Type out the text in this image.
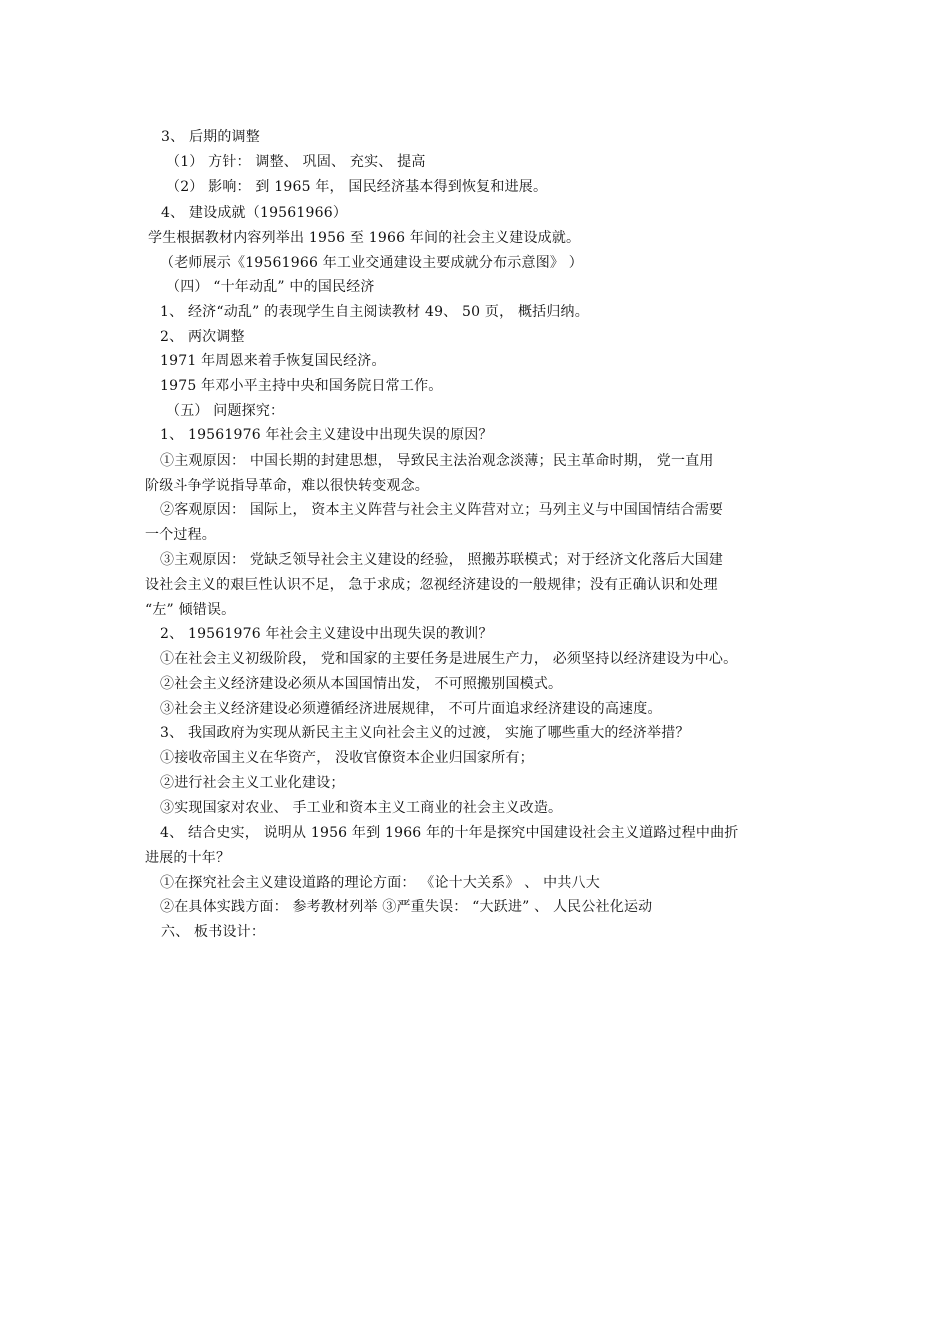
3、 后期的调整
（1） 方针： 调整、 巩固、 充实、 提高
（2） 影响： 到 1965 年， 国民经济基本得到恢复和进展。
4、 建设成就（19561966）
学生根据教材内容列举出 1956 至 1966 年间的社会主义建设成就。
（老师展示《19561966 年工业交通建设主要成就分布示意图》 ）
（四） “十年动乱” 中的国民经济
1、 经济“动乱” 的表现学生自主阅读教材 49、 50 页， 概括归纳。
2、 两次调整
1971 年周恩来着手恢复国民经济。
1975 年邓小平主持中央和国务院日常工作。
（五） 问题探究：
1、 19561976 年社会主义建设中出现失误的原因？
①主观原因： 中国长期的封建思想， 导致民主法治观念淡薄；民主革命时期， 党一直用
阶级斗争学说指导革命，难以很快转变观念。
②客观原因： 国际上， 资本主义阵营与社会主义阵营对立；马列主义与中国国情结合需要
一个过程。
③主观原因： 党缺乏领导社会主义建设的经验， 照搬苏联模式；对于经济文化落后大国建
设社会主义的艰巨性认识不足， 急于求成；忽视经济建设的一般规律；没有正确认识和处理
“左” 倾错误。
2、 19561976 年社会主义建设中出现失误的教训？
①在社会主义初级阶段， 党和国家的主要任务是进展生产力， 必须坚持以经济建设为中心。
②社会主义经济建设必须从本国国情出发， 不可照搬别国模式。
③社会主义经济建设必须遵循经济进展规律， 不可片面追求经济建设的高速度。
3、 我国政府为实现从新民主主义向社会主义的过渡， 实施了哪些重大的经济举措？
①接收帝国主义在华资产， 没收官僚资本企业归国家所有；
②进行社会主义工业化建设；
③实现国家对农业、 手工业和资本主义工商业的社会主义改造。
4、 结合史实， 说明从 1956 年到 1966 年的十年是探究中国建设社会主义道路过程中曲折
进展的十年？
①在探究社会主义建设道路的理论方面： 《论十大关系》 、 中共八大
②在具体实践方面： 参考教材列举 ③严重失误： “大跃进” 、 人民公社化运动
六、 板书设计：
